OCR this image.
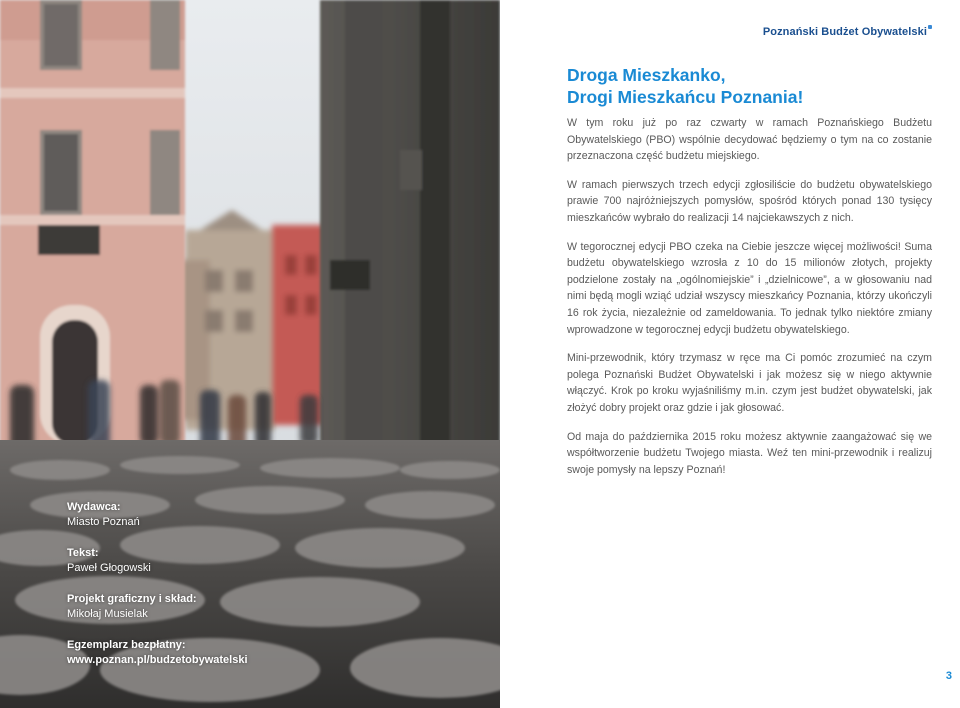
Poznański Budżet Obywatelski
Droga Mieszkanko,
Drogi Mieszkańcu Poznania!

W tym roku już po raz czwarty w ramach Poznańskiego Budżetu Obywatelskiego (PBO) wspólnie decydować będziemy o tym na co zostanie przeznaczona część budżetu miejskiego.

W ramach pierwszych trzech edycji zgłosiliście do budżetu obywatelskiego prawie 700 najróżniejszych pomysłów, spośród których ponad 130 tysięcy mieszkańców wybrało do realizacji 14 najciekawszych z nich.

W tegorocznej edycji PBO czeka na Ciebie jeszcze więcej możliwości! Suma budżetu obywatelskiego wzrosła z 10 do 15 milionów złotych, projekty podzielone zostały na „ogólnomiejskie” i „dzielnicowe”, a w głosowaniu nad nimi będą mogli wziąć udział wszyscy mieszkańcy Poznania, którzy ukończyli 16 rok życia, niezależnie od zameldowania. To jednak tylko niektóre zmiany wprowadzone w tegorocznej edycji budżetu obywatelskiego.

Mini-przewodnik, który trzymasz w ręce ma Ci pomóc zrozumieć na czym polega Poznański Budżet Obywatelski i jak możesz się w niego aktywnie włączyć. Krok po kroku wyjaśniliśmy m.in. czym jest budżet obywatelski, jak złożyć dobry projekt oraz gdzie i jak głosować.

Od maja do października 2015 roku możesz aktywnie zaangażować się we współtworzenie budżetu Twojego miasta. Weź ten mini-przewodnik i realizuj swoje pomysły na lepszy Poznań!

Wydawca:
Miasto Poznań
Tekst:
Paweł Głogowski
Projekt graficzny i skład:
Mikołaj Musielak
Egzemplarz bezpłatny:
www.poznan.pl/budzetobywatelski
3
